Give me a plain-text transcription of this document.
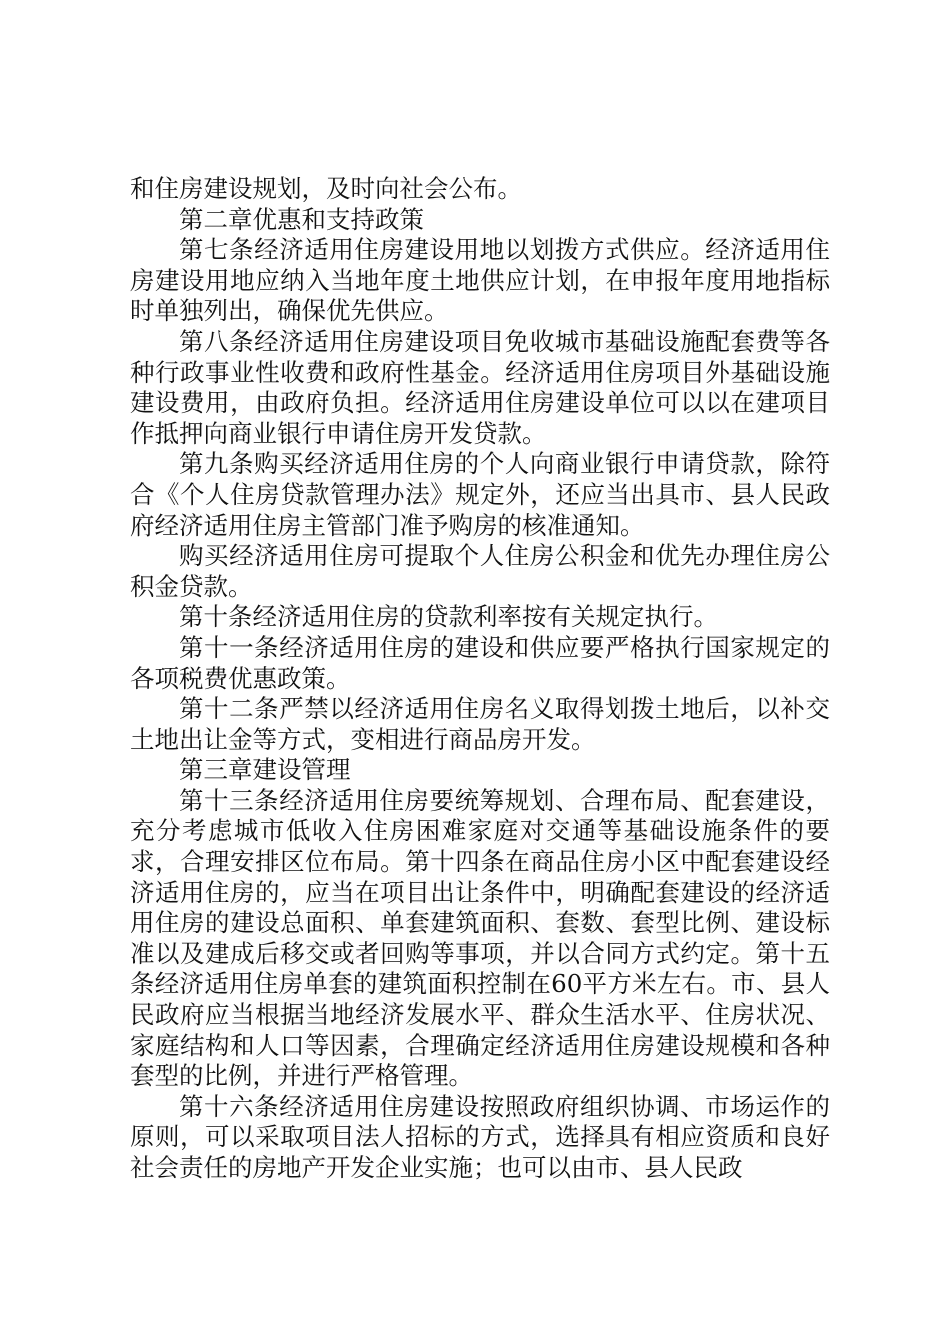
和住房建设规划，及时向社会公布。

第二章优惠和支持政策

第七条经济适用住房建设用地以划拨方式供应。经济适用住房建设用地应纳入当地年度土地供应计划，在申报年度用地指标时单独列出，确保优先供应。

第八条经济适用住房建设项目免收城市基础设施配套费等各种行政事业性收费和政府性基金。经济适用住房项目外基础设施建设费用，由政府负担。经济适用住房建设单位可以以在建项目作抵押向商业银行申请住房开发贷款。

第九条购买经济适用住房的个人向商业银行申请贷款，除符合《个人住房贷款管理办法》规定外，还应当出具市、县人民政府经济适用住房主管部门准予购房的核准通知。

购买经济适用住房可提取个人住房公积金和优先办理住房公积金贷款。

第十条经济适用住房的贷款利率按有关规定执行。

第十一条经济适用住房的建设和供应要严格执行国家规定的各项税费优惠政策。

第十二条严禁以经济适用住房名义取得划拨土地后，以补交土地出让金等方式，变相进行商品房开发。

第三章建设管理

第十三条经济适用住房要统筹规划、合理布局、配套建设，充分考虑城市低收入住房困难家庭对交通等基础设施条件的要求，合理安排区位布局。第十四条在商品住房小区中配套建设经济适用住房的，应当在项目出让条件中，明确配套建设的经济适用住房的建设总面积、单套建筑面积、套数、套型比例、建设标准以及建成后移交或者回购等事项，并以合同方式约定。第十五条经济适用住房单套的建筑面积控制在60平方米左右。市、县人民政府应当根据当地经济发展水平、群众生活水平、住房状况、家庭结构和人口等因素，合理确定经济适用住房建设规模和各种套型的比例，并进行严格管理。

第十六条经济适用住房建设按照政府组织协调、市场运作的原则，可以采取项目法人招标的方式，选择具有相应资质和良好社会责任的房地产开发企业实施；也可以由市、县人民政
